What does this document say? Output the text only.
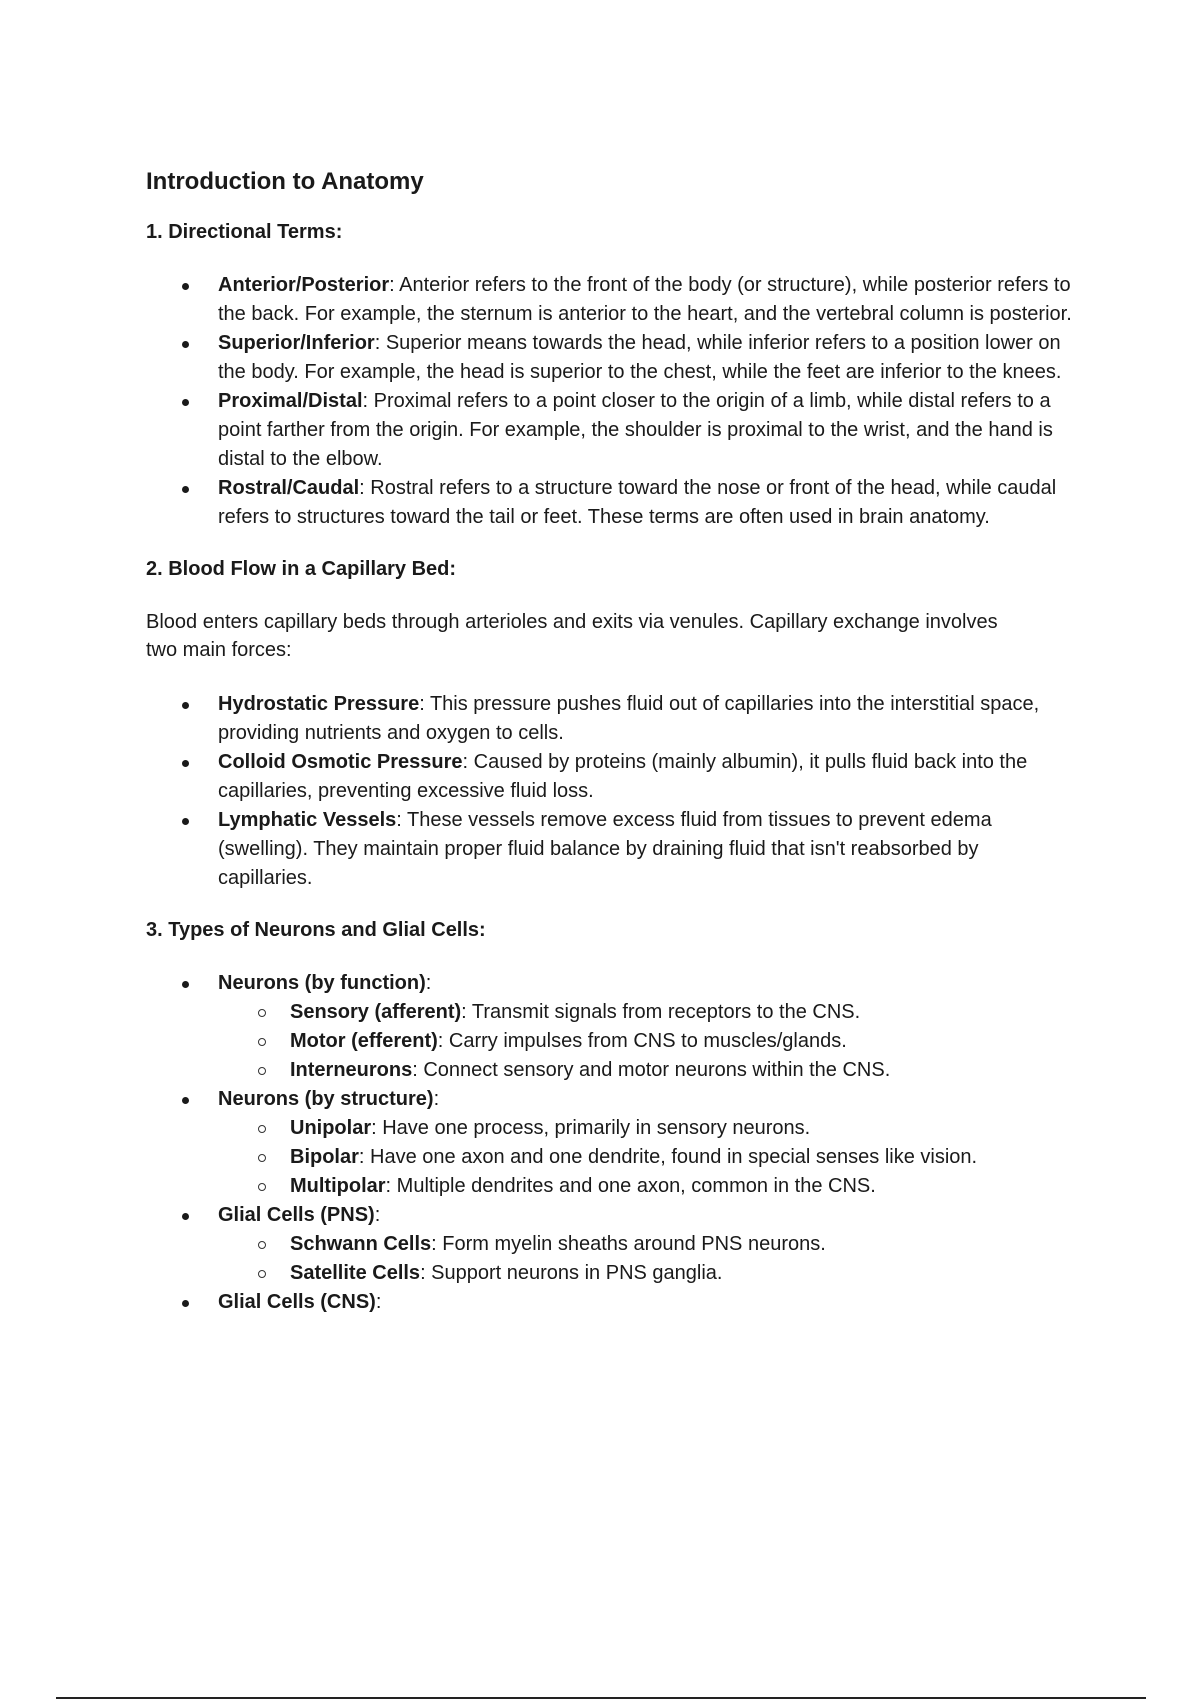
Introduction to Anatomy
1. Directional Terms:
Anterior/Posterior: Anterior refers to the front of the body (or structure), while posterior refers to the back. For example, the sternum is anterior to the heart, and the vertebral column is posterior.
Superior/Inferior: Superior means towards the head, while inferior refers to a position lower on the body. For example, the head is superior to the chest, while the feet are inferior to the knees.
Proximal/Distal: Proximal refers to a point closer to the origin of a limb, while distal refers to a point farther from the origin. For example, the shoulder is proximal to the wrist, and the hand is distal to the elbow.
Rostral/Caudal: Rostral refers to a structure toward the nose or front of the head, while caudal refers to structures toward the tail or feet. These terms are often used in brain anatomy.
2. Blood Flow in a Capillary Bed:

Blood enters capillary beds through arterioles and exits via venules. Capillary exchange involves two main forces:

Hydrostatic Pressure: This pressure pushes fluid out of capillaries into the interstitial space, providing nutrients and oxygen to cells.
Colloid Osmotic Pressure: Caused by proteins (mainly albumin), it pulls fluid back into the capillaries, preventing excessive fluid loss.
Lymphatic Vessels: These vessels remove excess fluid from tissues to prevent edema (swelling). They maintain proper fluid balance by draining fluid that isn't reabsorbed by capillaries.
3. Types of Neurons and Glial Cells:
Neurons (by function):
Sensory (afferent): Transmit signals from receptors to the CNS.
Motor (efferent): Carry impulses from CNS to muscles/glands.
Interneurons: Connect sensory and motor neurons within the CNS.
Neurons (by structure):
Unipolar: Have one process, primarily in sensory neurons.
Bipolar: Have one axon and one dendrite, found in special senses like vision.
Multipolar: Multiple dendrites and one axon, common in the CNS.
Glial Cells (PNS):
Schwann Cells: Form myelin sheaths around PNS neurons.
Satellite Cells: Support neurons in PNS ganglia.
Glial Cells (CNS):
